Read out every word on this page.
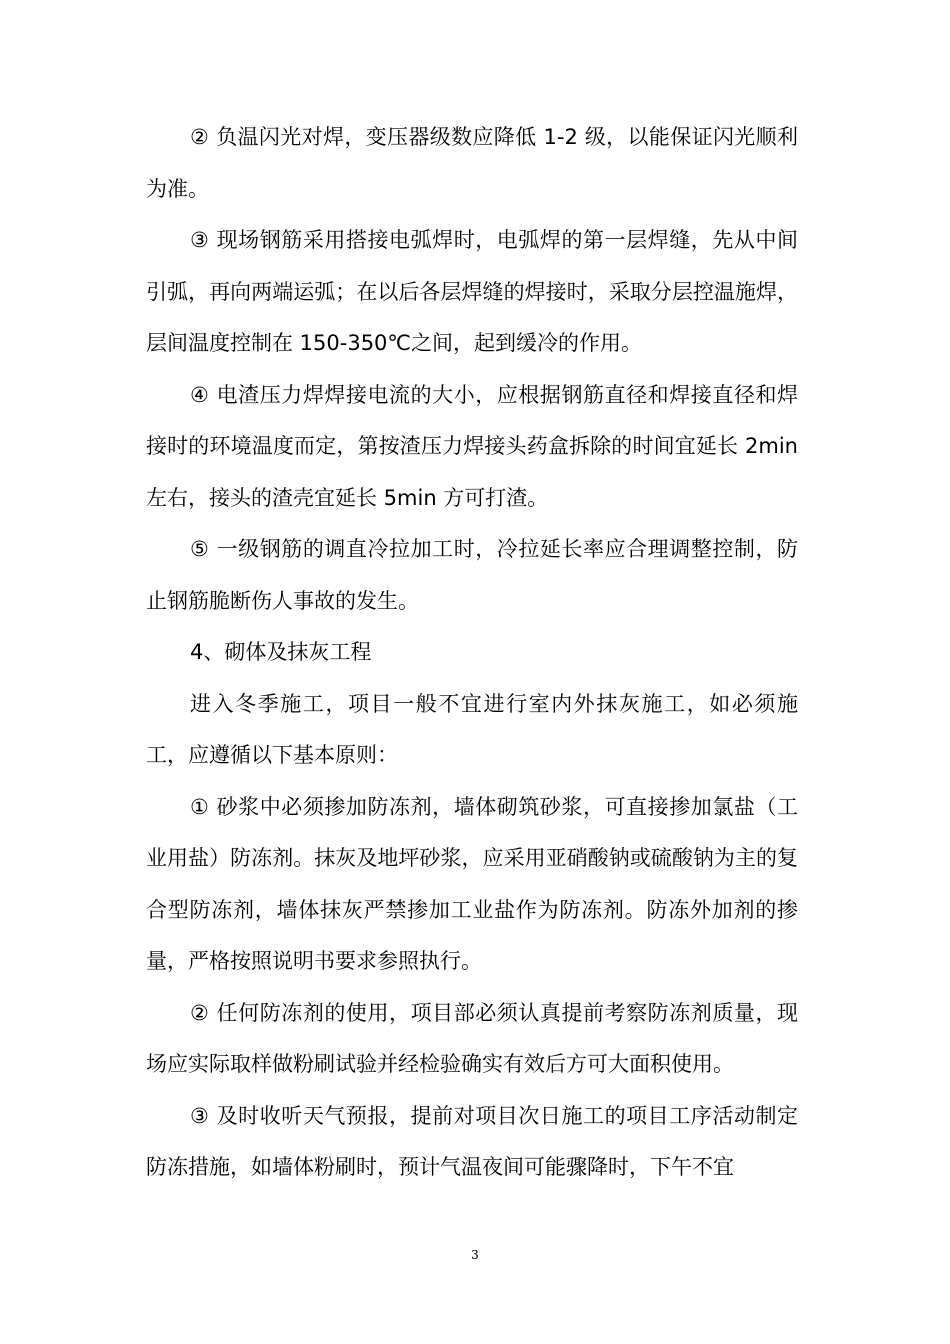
② 负温闪光对焊，变压器级数应降低 1-2 级，以能保证闪光顺利为准。

③ 现场钢筋采用搭接电弧焊时，电弧焊的第一层焊缝，先从中间引弧，再向两端运弧；在以后各层焊缝的焊接时，采取分层控温施焊，层间温度控制在 150-350℃之间，起到缓冷的作用。

④ 电渣压力焊焊接电流的大小，应根据钢筋直径和焊接直径和焊接时的环境温度而定，第按渣压力焊接头药盒拆除的时间宜延长 2min 左右，接头的渣壳宜延长 5min 方可打渣。

⑤ 一级钢筋的调直冷拉加工时，冷拉延长率应合理调整控制，防止钢筋脆断伤人事故的发生。

4、砌体及抹灰工程

进入冬季施工，项目一般不宜进行室内外抹灰施工，如必须施工，应遵循以下基本原则：

① 砂浆中必须掺加防冻剂，墙体砌筑砂浆，可直接掺加氯盐（工业用盐）防冻剂。抹灰及地坪砂浆，应采用亚硝酸钠或硫酸钠为主的复合型防冻剂，墙体抹灰严禁掺加工业盐作为防冻剂。防冻外加剂的掺量，严格按照说明书要求参照执行。

② 任何防冻剂的使用，项目部必须认真提前考察防冻剂质量，现场应实际取样做粉刷试验并经检验确实有效后方可大面积使用。

③ 及时收听天气预报，提前对项目次日施工的项目工序活动制定防冻措施，如墙体粉刷时，预计气温夜间可能骤降时，下午不宜

3
